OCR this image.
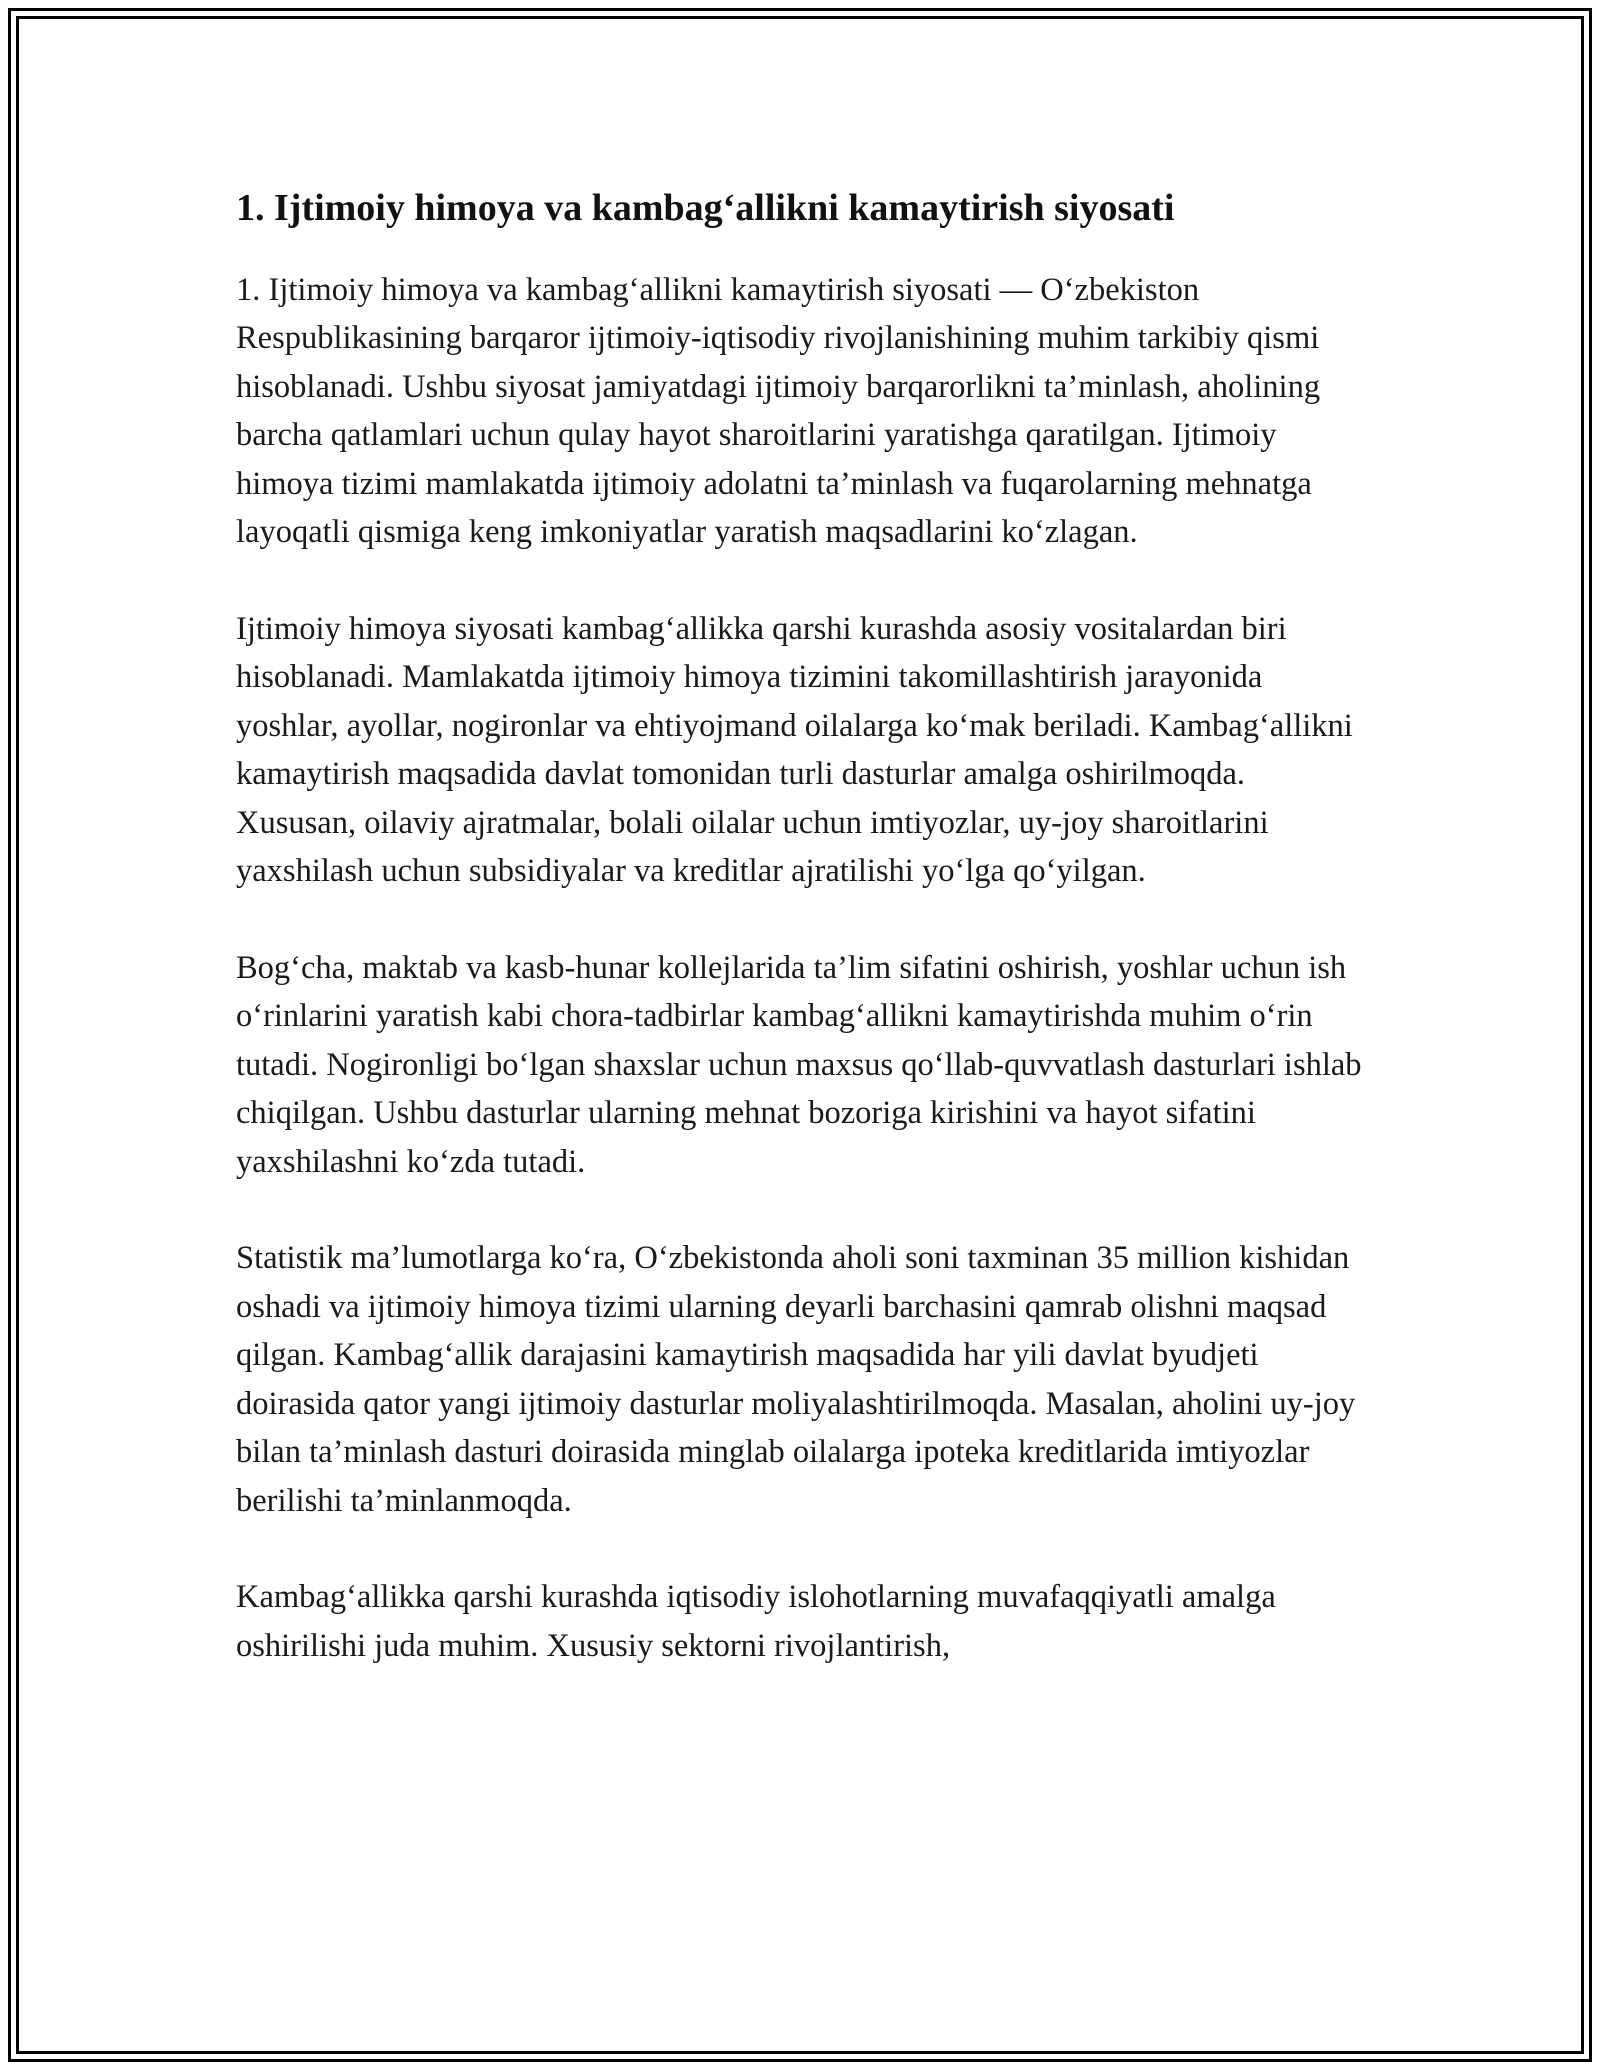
1. Ijtimoiy himoya va kambag‘allikni kamaytirish siyosati

1. Ijtimoiy himoya va kambag‘allikni kamaytirish siyosati — O‘zbekiston Respublikasining barqaror ijtimoiy-iqtisodiy rivojlanishining muhim tarkibiy qismi hisoblanadi. Ushbu siyosat jamiyatdagi ijtimoiy barqarorlikni ta’minlash, aholining barcha qatlamlari uchun qulay hayot sharoitlarini yaratishga qaratilgan. Ijtimoiy himoya tizimi mamlakatda ijtimoiy adolatni ta’minlash va fuqarolarning mehnatga layoqatli qismiga keng imkoniyatlar yaratish maqsadlarini ko‘zlagan.

Ijtimoiy himoya siyosati kambag‘allikka qarshi kurashda asosiy vositalardan biri hisoblanadi. Mamlakatda ijtimoiy himoya tizimini takomillashtirish jarayonida yoshlar, ayollar, nogironlar va ehtiyojmand oilalarga ko‘mak beriladi. Kambag‘allikni kamaytirish maqsadida davlat tomonidan turli dasturlar amalga oshirilmoqda. Xususan, oilaviy ajratmalar, bolali oilalar uchun imtiyozlar, uy-joy sharoitlarini yaxshilash uchun subsidiyalar va kreditlar ajratilishi yo‘lga qo‘yilgan.

Bog‘cha, maktab va kasb-hunar kollejlarida ta’lim sifatini oshirish, yoshlar uchun ish o‘rinlarini yaratish kabi chora-tadbirlar kambag‘allikni kamaytirishda muhim o‘rin tutadi. Nogironligi bo‘lgan shaxslar uchun maxsus qo‘llab-quvvatlash dasturlari ishlab chiqilgan. Ushbu dasturlar ularning mehnat bozoriga kirishini va hayot sifatini yaxshilashni ko‘zda tutadi.

Statistik ma’lumotlarga ko‘ra, O‘zbekistonda aholi soni taxminan 35 million kishidan oshadi va ijtimoiy himoya tizimi ularning deyarli barchasini qamrab olishni maqsad qilgan. Kambag‘allik darajasini kamaytirish maqsadida har yili davlat byudjeti doirasida qator yangi ijtimoiy dasturlar moliyalashtirilmoqda. Masalan, aholini uy-joy bilan ta’minlash dasturi doirasida minglab oilalarga ipoteka kreditlarida imtiyozlar berilishi ta’minlanmoqda.

Kambag‘allikka qarshi kurashda iqtisodiy islohotlarning muvafaqqiyatli amalga oshirilishi juda muhim. Xususiy sektorni rivojlantirish,
